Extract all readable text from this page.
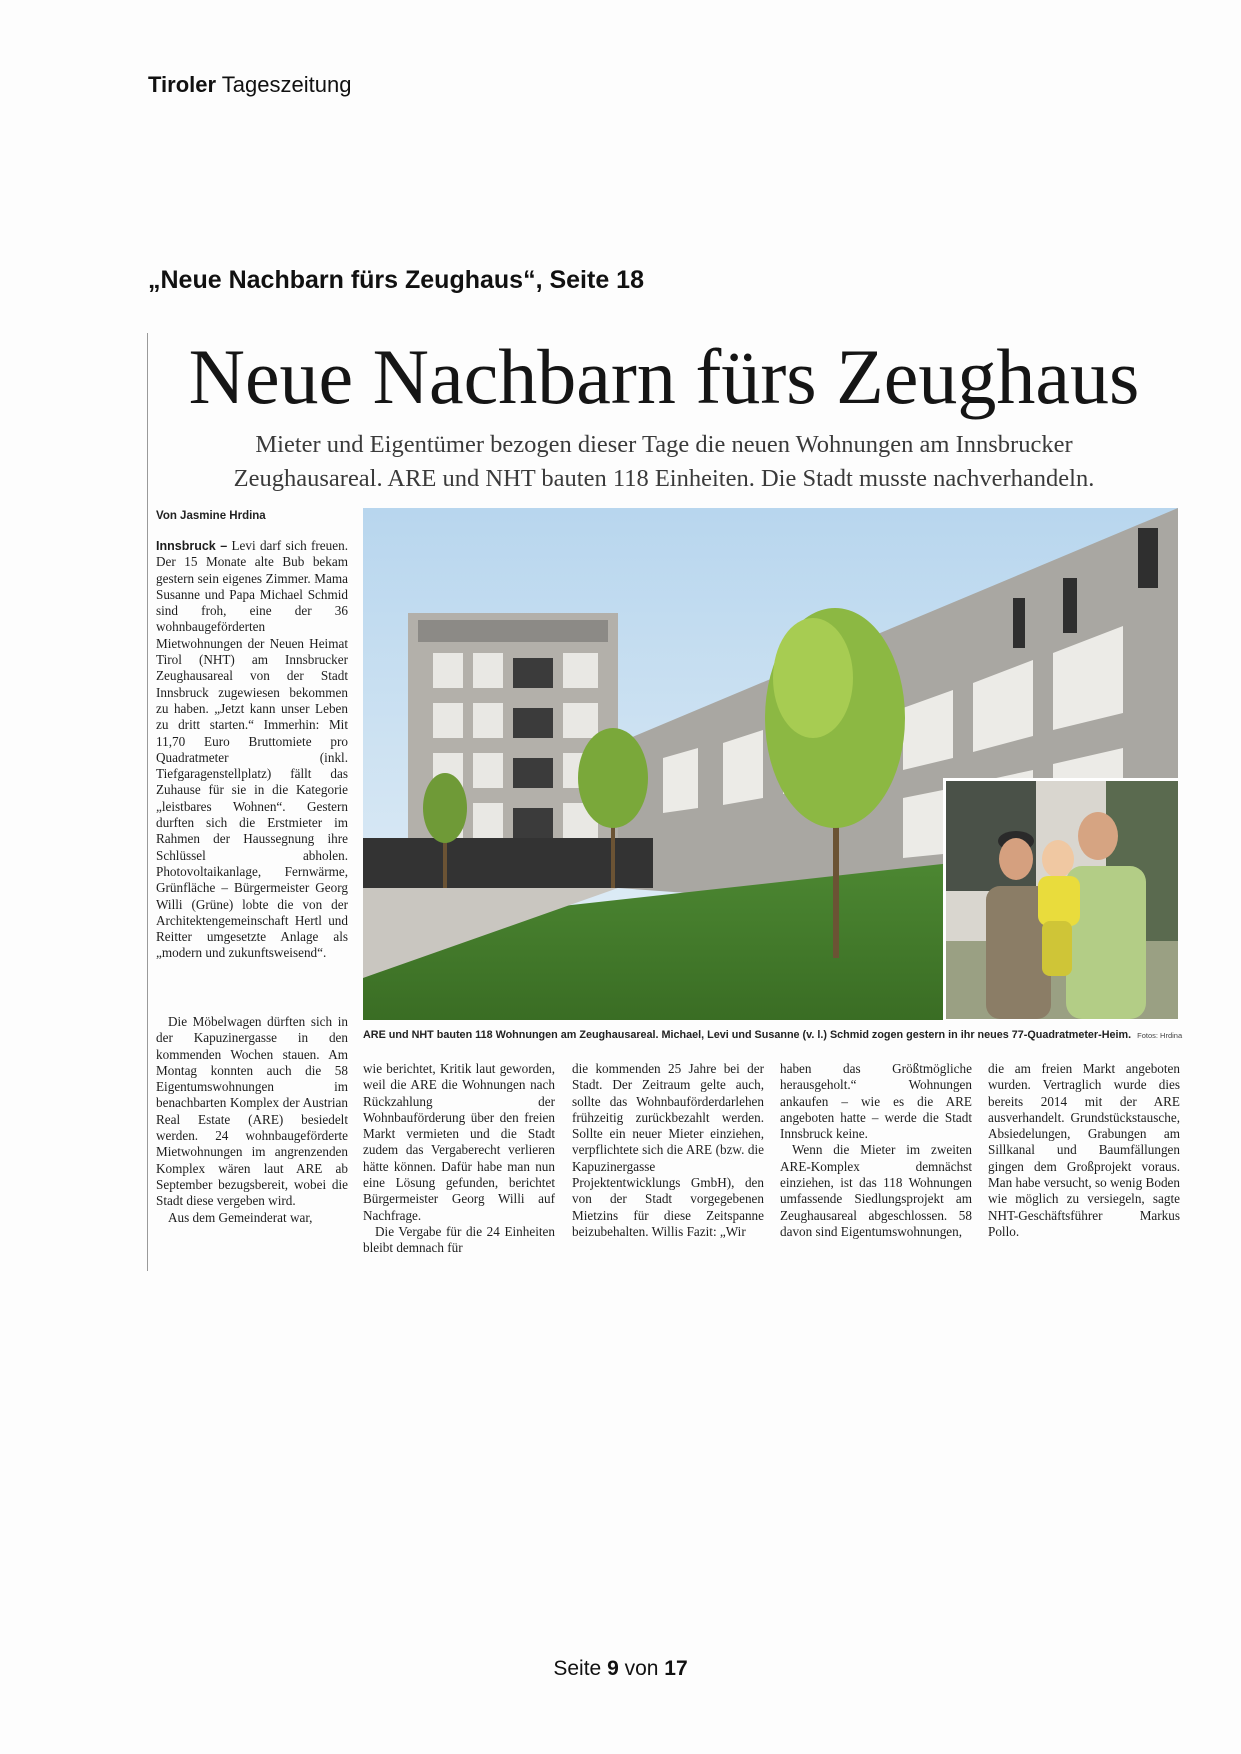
Tiroler Tageszeitung
„Neue Nachbarn fürs Zeughaus“, Seite 18
Neue Nachbarn fürs Zeughaus
Mieter und Eigentümer bezogen dieser Tage die neuen Wohnungen am Innsbrucker Zeughausareal. ARE und NHT bauten 118 Einheiten. Die Stadt musste nachverhandeln.
Von Jasmine Hrdina

Innsbruck – Levi darf sich freuen. Der 15 Monate alte Bub bekam gestern sein eigenes Zimmer. Mama Susanne und Papa Michael Schmid sind froh, eine der 36 wohnbaugeförderten Mietwohnungen der Neuen Heimat Tirol (NHT) am Innsbrucker Zeughausareal von der Stadt Innsbruck zugewiesen bekommen zu haben. „Jetzt kann unser Leben zu dritt starten.“ Immerhin: Mit 11,70 Euro Bruttomiete pro Quadratmeter (inkl. Tiefgaragenstellplatz) fällt das Zuhause für sie in die Kategorie „leistbares Wohnen“. Gestern durften sich die Erstmieter im Rahmen der Haussegnung ihre Schlüssel abholen. Photovoltaikanlage, Fernwärme, Grünfläche – Bürgermeister Georg Willi (Grüne) lobte die von der Architektengemeinschaft Hertl und Reitter umgesetzte Anlage als „modern und zukunftsweisend“.

Die Möbelwagen dürften sich in der Kapuzinergasse in den kommenden Wochen stauen. Am Montag konnten auch die 58 Eigentumswohnungen im benachbarten Komplex der Austrian Real Estate (ARE) besiedelt werden. 24 wohnbaugeförderte Mietwohnungen im angrenzenden Komplex wären laut ARE ab September bezugsbereit, wobei die Stadt diese vergeben wird.

Aus dem Gemeinderat war,

ARE und NHT bauten 118 Wohnungen am Zeughausareal. Michael, Levi und Susanne (v. l.) Schmid zogen gestern in ihr neues 77-Quadratmeter-Heim. Fotos: Hrdina

wie berichtet, Kritik laut geworden, weil die ARE die Wohnungen nach Rückzahlung der Wohnbauförderung über den freien Markt vermieten und die Stadt zudem das Vergaberecht verlieren hätte können. Dafür habe man nun eine Lösung gefunden, berichtet Bürgermeister Georg Willi auf Nachfrage.

Die Vergabe für die 24 Einheiten bleibt demnach für

die kommenden 25 Jahre bei der Stadt. Der Zeitraum gelte auch, sollte das Wohnbauförderdarlehen frühzeitig zurückbezahlt werden. Sollte ein neuer Mieter einziehen, verpflichtete sich die ARE (bzw. die Kapuzinergasse Projektentwicklungs GmbH), den von der Stadt vorgegebenen Mietzins für diese Zeitspanne beizubehalten. Willis Fazit: „Wir

haben das Größtmögliche herausgeholt.“ Wohnungen ankaufen – wie es die ARE angeboten hatte – werde die Stadt Innsbruck keine.

Wenn die Mieter im zweiten ARE-Komplex demnächst einziehen, ist das 118 Wohnungen umfassende Siedlungsprojekt am Zeughausareal abgeschlossen. 58 davon sind Eigentumswohnungen,

die am freien Markt angeboten wurden. Vertraglich wurde dies bereits 2014 mit der ARE ausverhandelt. Grundstückstausche, Absiedelungen, Grabungen am Sillkanal und Baumfällungen gingen dem Großprojekt voraus. Man habe versucht, so wenig Boden wie möglich zu versiegeln, sagte NHT-Geschäftsführer Markus Pollo.

Seite 9 von 17
